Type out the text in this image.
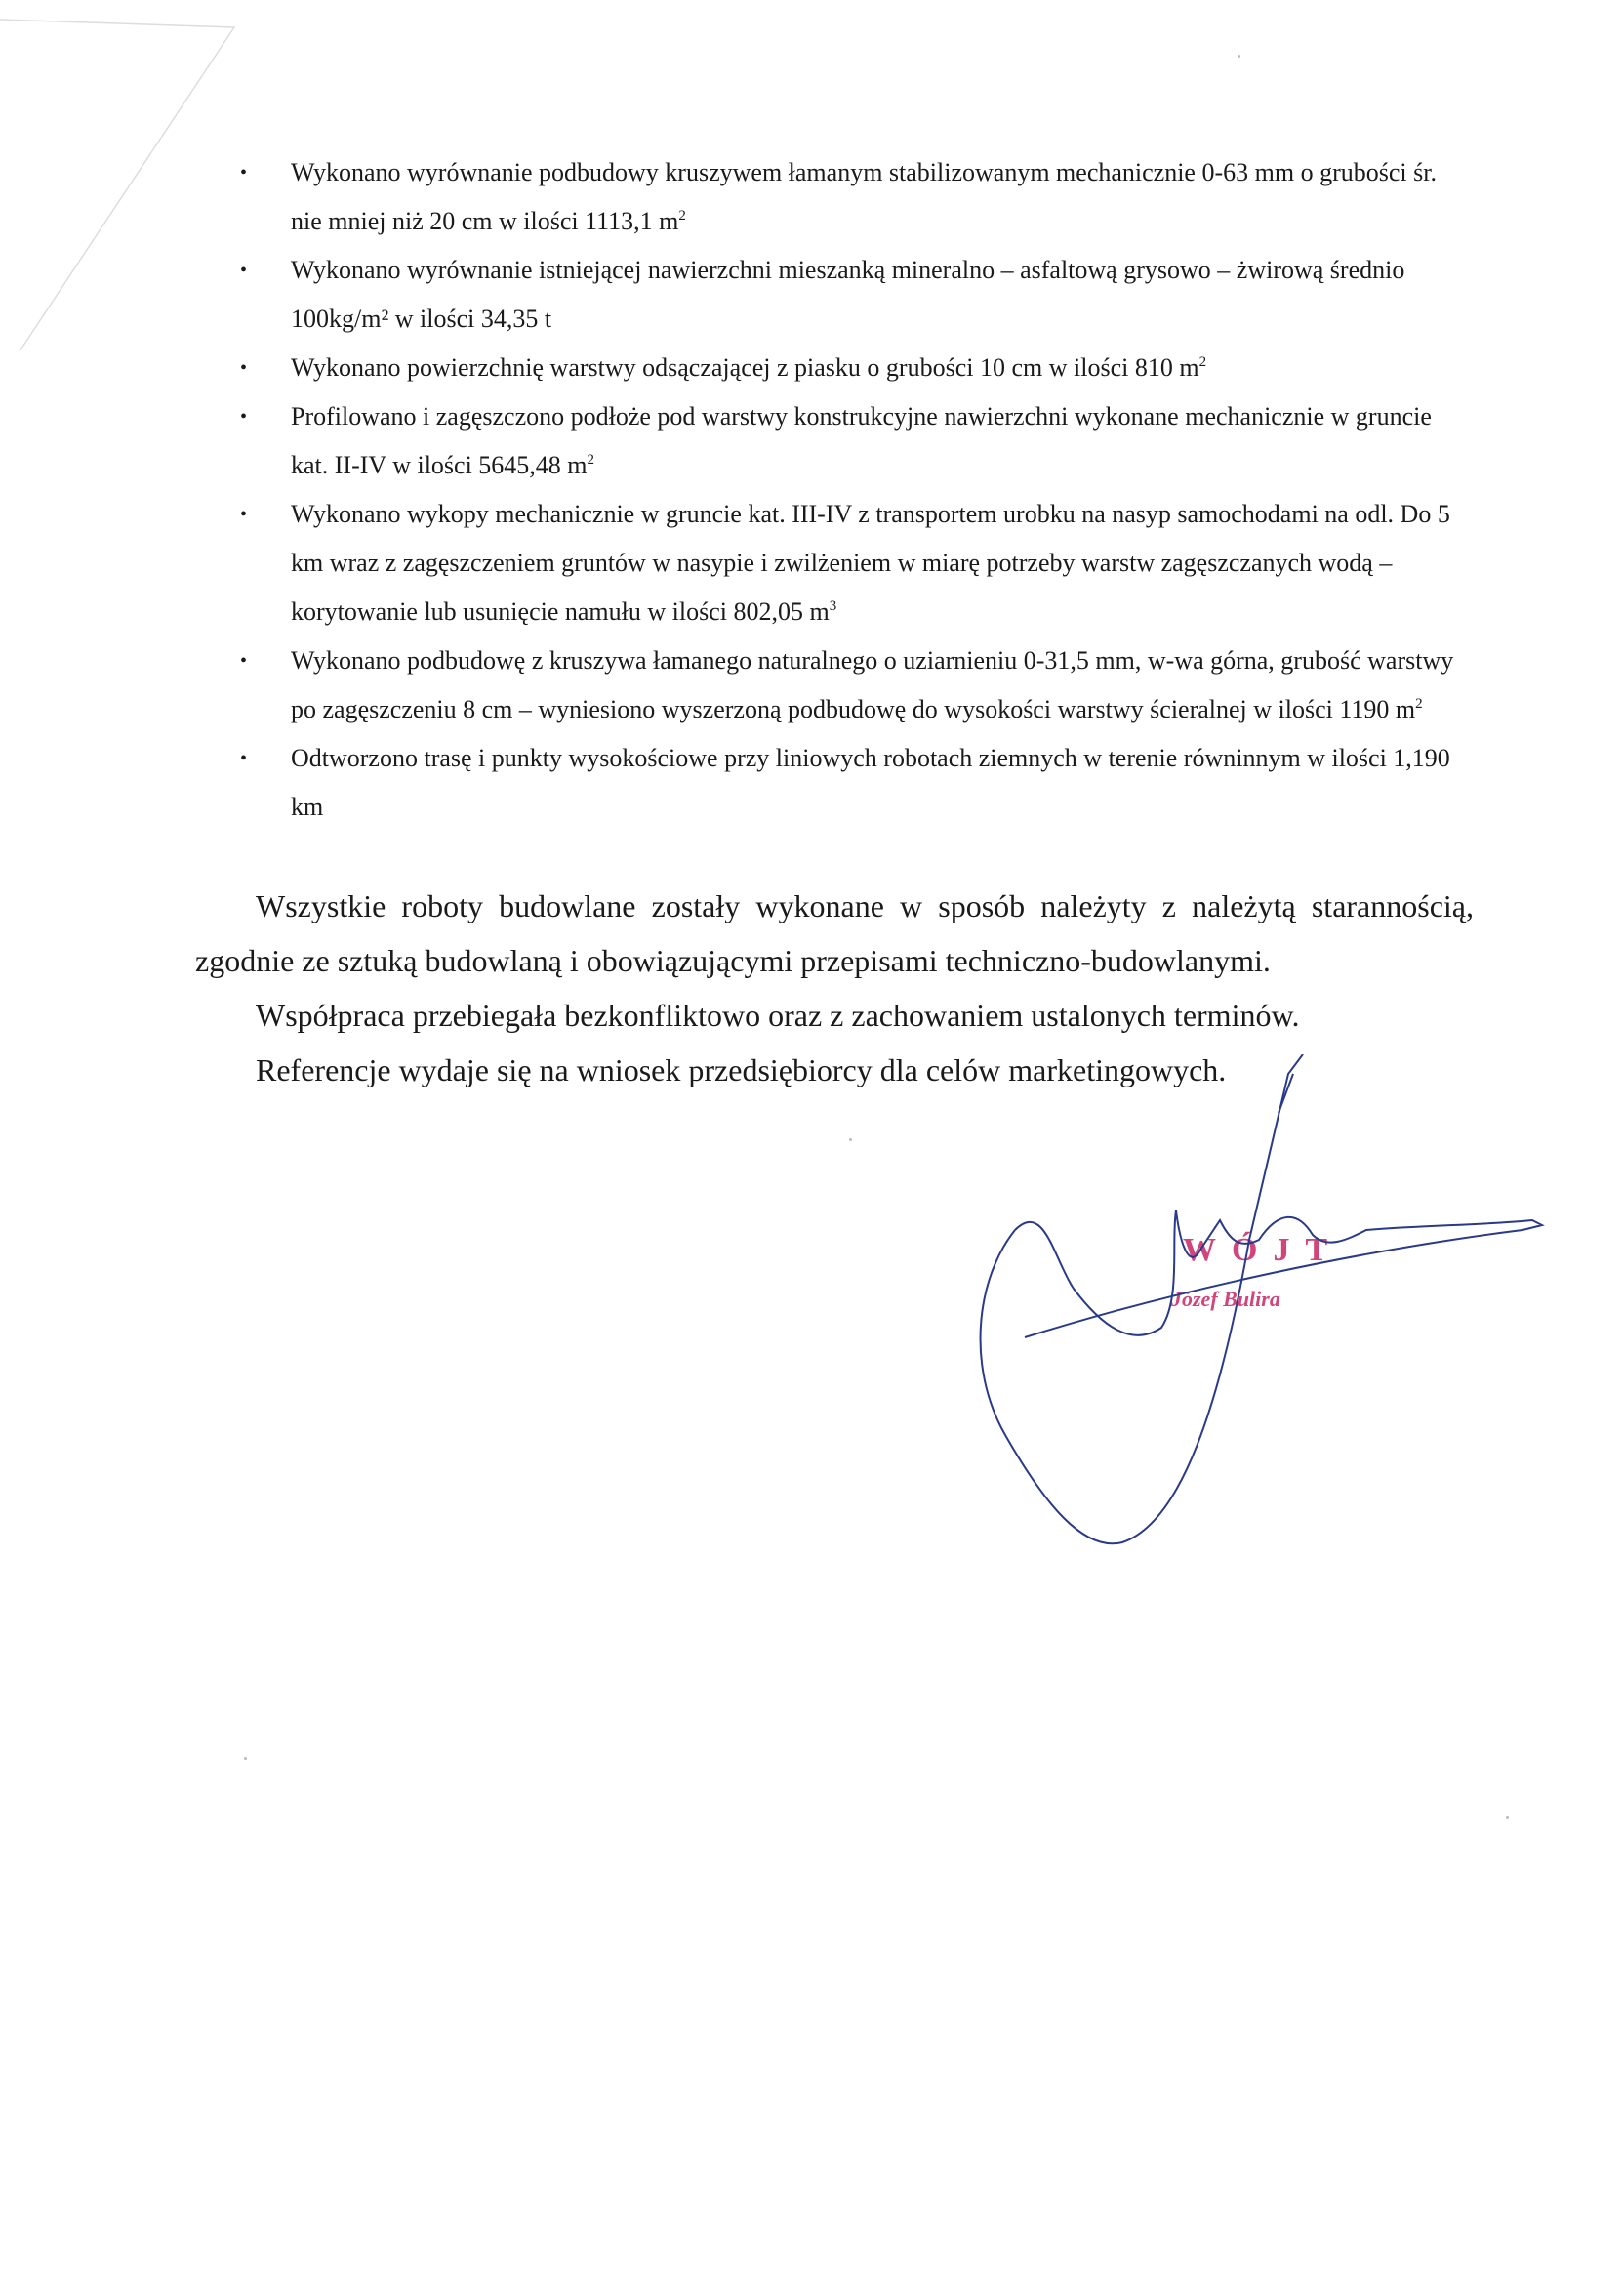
• Wykonano wyrównanie podbudowy kruszywem łamanym stabilizowanym mechanicznie 0-63 mm o grubości śr. nie mniej niż 20 cm w ilości 1113,1 $m^2$
• Wykonano wyrównanie istniejącej nawierzchni mieszanką mineralno – asfaltową grysowo – żwirową średnio 100kg/m² w ilości 34,35 t
• Wykonano powierzchnię warstwy odsączającej z piasku o grubości 10 cm w ilości 810 $m^2$
• Profilowano i zagęszczono podłoże pod warstwy konstrukcyjne nawierzchni wykonane mechanicznie w gruncie kat. II-IV w ilości 5645,48 $m^2$
• Wykonano wykopy mechanicznie w gruncie kat. III-IV z transportem urobku na nasyp samochodami na odl. Do 5 km wraz z zagęszczeniem gruntów w nasypie i zwilżeniem w miarę potrzeby warstw zagęszczanych wodą –korytowanie lub usunięcie namułu w ilości 802,05 $m^3$
• Wykonano podbudowę z kruszywa łamanego naturalnego o uziarnieniu 0-31,5 mm, w-wa górna, grubość warstwy po zagęszczeniu 8 cm – wyniesiono wyszerzoną podbudowę do wysokości warstwy ścieralnej w ilości 1190 $m^2$
• Odtworzono trasę i punkty wysokościowe przy liniowych robotach ziemnych w terenie równinnym w ilości 1,190 km

Wszystkie roboty budowlane zostały wykonane w sposób należyty z należytą starannością, zgodnie ze sztuką budowlaną i obowiązującymi przepisami techniczno-budowlanymi.

Współpraca przebiegała bezkonfliktowo oraz z zachowaniem ustalonych terminów.

Referencje wydaje się na wniosek przedsiębiorcy dla celów marketingowych.

WÓJT
Józef Bulira
